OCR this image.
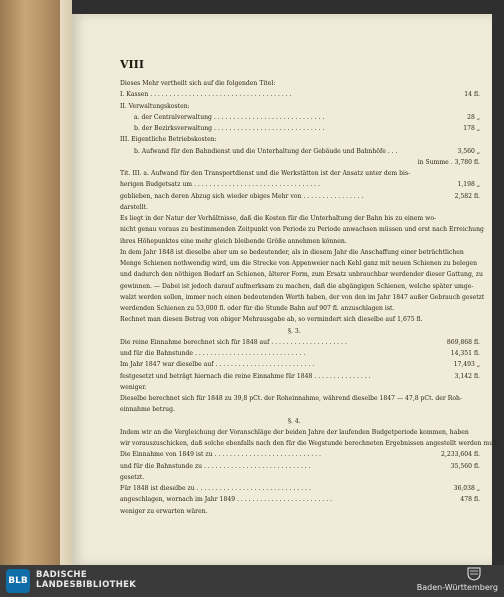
VIII
Dieses Mehr vertheilt sich auf die folgenden Titel:
I. Kassen . . . . . . . . . . . . . . . . . . . . . . . . . . . . . . . . . . . . .	14 fl.
II. Verwaltungskosten:
a. der Centralverwaltung . . . . . . . . . . . . . . . . . . . . . . . . . . . . .	28 „
b. der Bezirksverwaltung . . . . . . . . . . . . . . . . . . . . . . . . . . . . .	178 „
III. Eigentliche Betriebskosten:
b. Aufwand für den Bahndienst und die Unterhaltung der Gebäude und Bahnhöfe . . .	3,560 „
in Summe . 3,780 fl.
Tit. III. a. Aufwand für den Transportdienst und die Werkstätten ist der Ansatz unter dem bis-
herigen Budgetsatz um . . . . . . . . . . . . . . . . . . . . . . . . . . . . . . . . .	1,198 „
geblieben, nach deren Abzug sich wieder obiges Mehr von . . . . . . . . . . . . . . . .	2,582 fl.
darstellt.
Es liegt in der Natur der Verhältnisse, daß die Kosten für die Unterhaltung der Bahn bis zu einem wo-
nicht genau voraus zu bestimmenden Zeitpunkt von Periode zu Periode anwachsen müssen und erst nach Erreichung
ihres Höhepunktes eine mehr gleich bleibende Größe annehmen können.
In dem Jahr 1848 ist dieselbe aber um so bedeutender, als in diesem Jahr die Anschaffung einer beträchtlichen
Menge Schienen nothwendig wird, um die Strecke von Appenweier nach Kehl ganz mit neuen Schienen zu belegen
und dadurch den nöthigen Bedarf an Schienen, älterer Form, zum Ersatz unbrauchbar werdender dieser Gattung, zu
gewinnen. — Dabei ist jedoch darauf aufmerksam zu machen, daß die abgängigen Schienen, welche später umge-
walzt werden sollen, immer noch einen bedeutenden Werth haben, der von den im Jahr 1847 außer Gebrauch gesetzt
werdenden Schienen zu 53,000 fl. oder für die Stunde Bahn auf 907 fl. anzuschlagen ist.
Rechnet man diesen Betrag von obiger Mehrausgabe ab, so vermindert sich dieselbe auf 1,675 fl.
§. 3.
Die reine Einnahme berechnet sich für 1848 auf . . . . . . . . . . . . . . . . . . . .	869,868 fl.
und für die Bahnstunde . . . . . . . . . . . . . . . . . . . . . . . . . . . . .	14,351 fl.
Im Jahr 1847 war dieselbe auf . . . . . . . . . . . . . . . . . . . . . . . . . .	17,493 „
festgesetzt und beträgt hiernach die reine Einnahme für 1848 . . . . . . . . . . . . . . .	3,142 fl.
weniger.
Dieselbe berechnet sich für 1848 zu 39,8 pCt. der Roheinnahme, während dieselbe 1847 — 47,8 pCt. der Roh-
einnahme betrug.
§. 4.
Indem wir an die Vergleichung der Voranschläge der beiden Jahre der laufenden Budgetperiode kommen, haben
wir vorauszuschicken, daß solche ebenfalls nach den für die Wegstunde berechneten Ergebnissen angestellt werden muß.
Die Einnahme von 1849 ist zu . . . . . . . . . . . . . . . . . . . . . . . . . . . .	2,233,604 fl.
und für die Bahnstunde zu . . . . . . . . . . . . . . . . . . . . . . . . . . . .	35,560 fl.
gesetzt.
Für 1848 ist dieselbe zu . . . . . . . . . . . . . . . . . . . . . . . . . . . . . .	36,038 „
angeschlagen, wornach im Jahr 1849 . . . . . . . . . . . . . . . . . . . . . . . . .	478 fl.
weniger zu erwarten wären.
BLB
BADISCHE
LANDESBIBLIOTHEK	Baden-Württemberg
